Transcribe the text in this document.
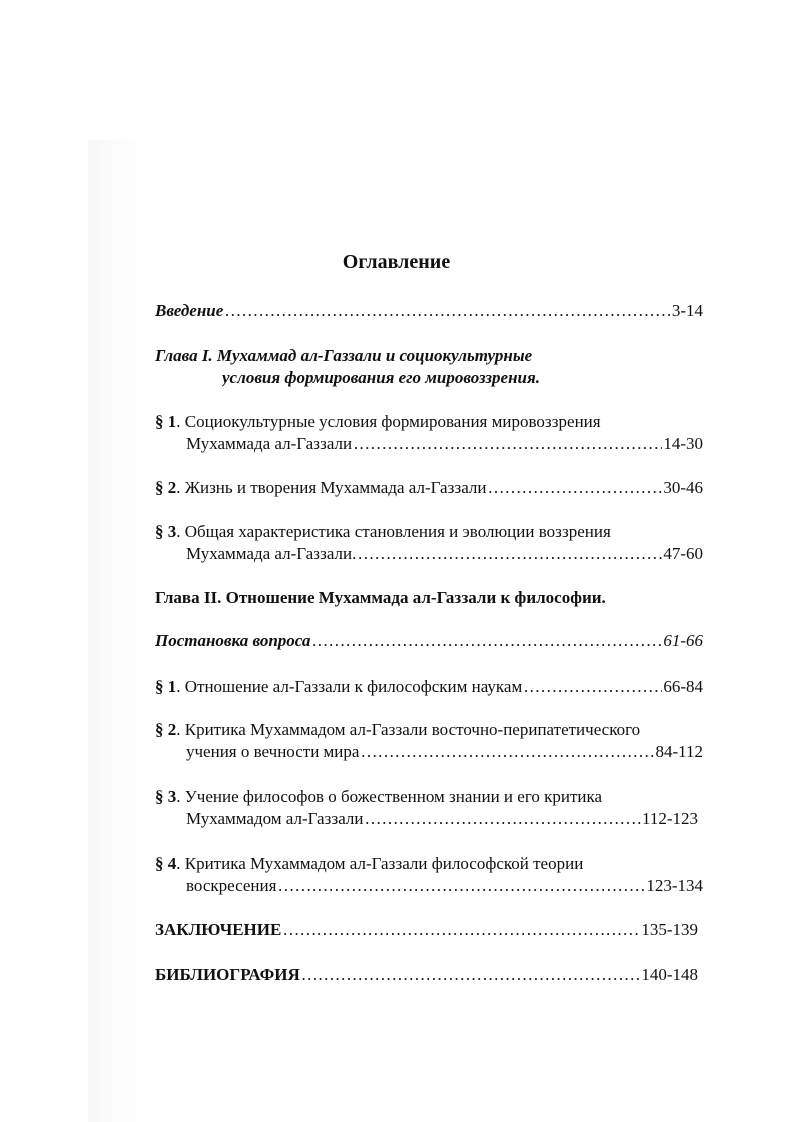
Оглавление
Введение ……………………………………………………………………………………………………………………………………………	3-14
Глава I. Мухаммад ал-Газзали и социокультурные
условия формирования его мировоззрения.
§ 1. Социокультурные условия формирования мировоззрения
Мухаммада ал-Газзали ……………………………………………………………………………………………………………………………………………	14-30
§ 2. Жизнь и творения Мухаммада ал-Газзали ……………………………………………………………………………………………………………………………………………	30-46
§ 3. Общая характеристика становления и эволюции воззрения
Мухаммада ал-Газзали. ……………………………………………………………………………………………………………………………………………	47-60
Глава II. Отношение Мухаммада ал-Газзали к философии.
Постановка вопроса ……………………………………………………………………………………………………………………………………………	61-66
§ 1. Отношение ал-Газзали к философским наукам ……………………………………………………………………………………………………………………………………………	66-84
§ 2. Критика Мухаммадом ал-Газзали восточно-перипатетического
учения о вечности мира ……………………………………………………………………………………………………………………………………………	84-112
§ 3. Учение философов о божественном знании и его критика
Мухаммадом ал-Газзали ……………………………………………………………………………………………………………………………………………	112-123
§ 4. Критика Мухаммадом ал-Газзали философской теории
воскресения ……………………………………………………………………………………………………………………………………………	123-134
ЗАКЛЮЧЕНИЕ ……………………………………………………………………………………………………………………………………………	135-139
БИБЛИОГРАФИЯ ……………………………………………………………………………………………………………………………………………	140-148
